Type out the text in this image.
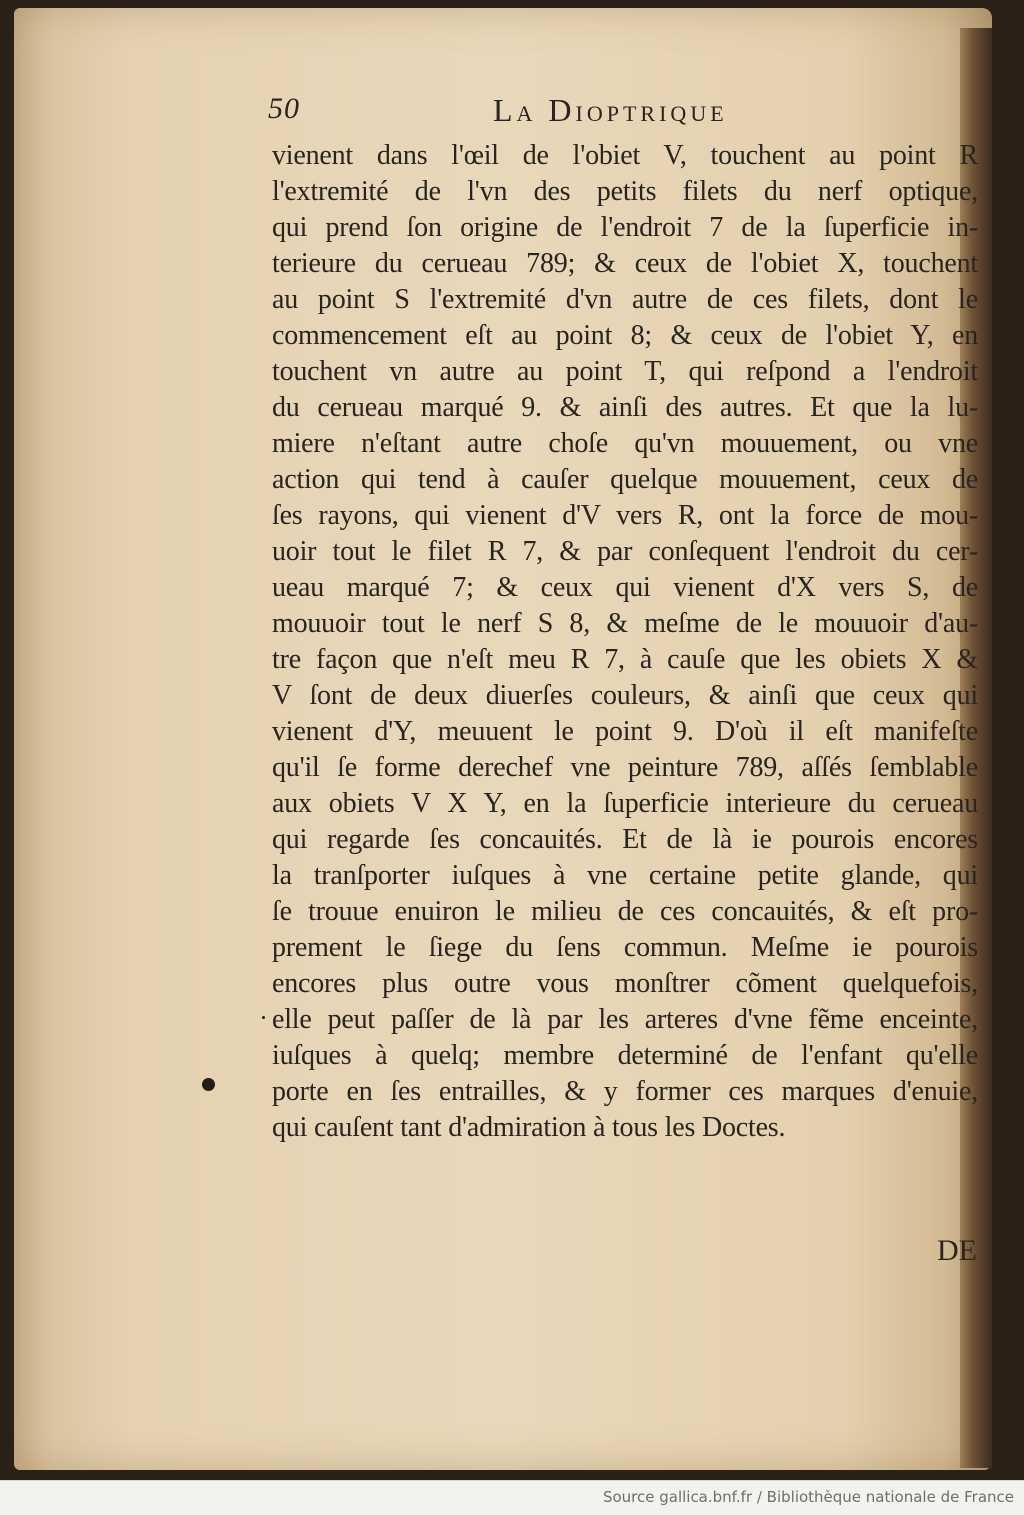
50	La Dioptrique
vienent dans l'œil de l'obiet V, touchent au point R
l'extremité de l'vn des petits filets du nerf optique,
qui prend ſon origine de l'endroit 7 de la ſuperficie in-
terieure du cerueau 789; & ceux de l'obiet X, touchent
au point S l'extremité d'vn autre de ces filets, dont le
commencement eſt au point 8; & ceux de l'obiet Y, en
touchent vn autre au point T, qui reſpond a l'endroit
du cerueau marqué 9. & ainſi des autres. Et que la lu-
miere n'eſtant autre choſe qu'vn mouuement, ou vne
action qui tend à cauſer quelque mouuement, ceux de
ſes rayons, qui vienent d'V vers R, ont la force de mou-
uoir tout le filet R 7, & par conſequent l'endroit du cer-
ueau marqué 7; & ceux qui vienent d'X vers S, de
mouuoir tout le nerf S 8, & meſme de le mouuoir d'au-
tre façon que n'eſt meu R 7, à cauſe que les obiets X &
V ſont de deux diuerſes couleurs, & ainſi que ceux qui
vienent d'Y, meuuent le point 9. D'où il eſt manifeſte
qu'il ſe forme derechef vne peinture 789, aſſés ſemblable
aux obiets V X Y, en la ſuperficie interieure du cerueau
qui regarde ſes concauités. Et de là ie pourois encores
la tranſporter iuſques à vne certaine petite glande, qui
ſe trouue enuiron le milieu de ces concauités, & eſt pro-
prement le ſiege du ſens commun. Meſme ie pourois
encores plus outre vous monſtrer cõment quelquefois,
elle peut paſſer de là par les arteres d'vne fẽme enceinte,
iuſques à quelq; membre determiné de l'enfant qu'elle
porte en ſes entrailles, & y former ces marques d'enuie,
qui cauſent tant d'admiration à tous les Doctes.
DE
Source gallica.bnf.fr / Bibliothèque nationale de France
